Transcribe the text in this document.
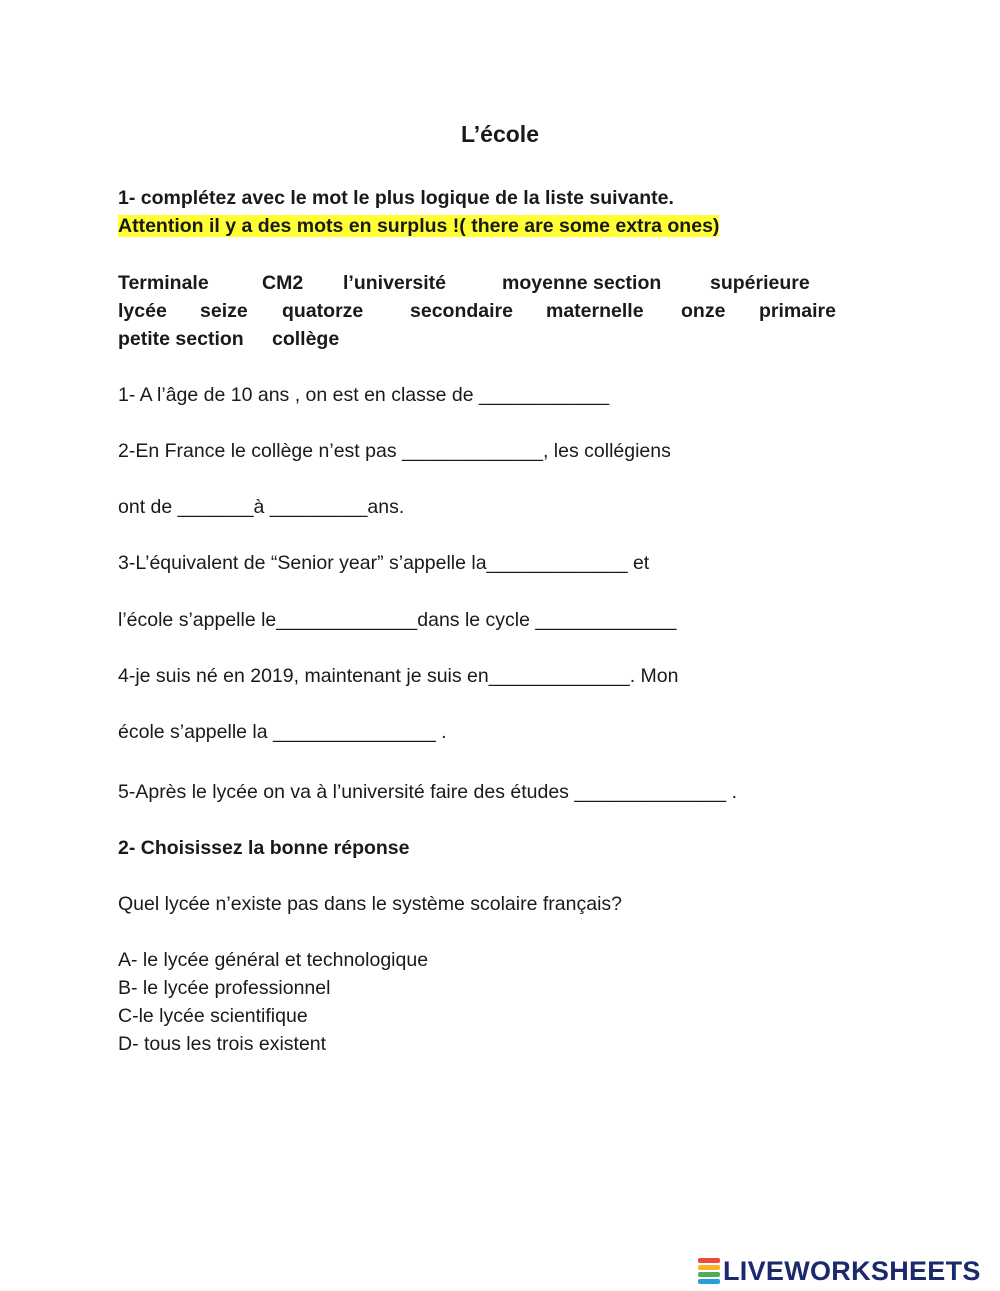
L’école
1- complétez avec le mot le plus logique de la liste suivante.
Attention il y a des mots en surplus !( there are some extra ones)
Terminale	CM2 l’université	moyenne section supérieure
lycée seize quatorze secondaire maternelle onze primaire
petite section collège
1- A l’âge de 10 ans , on est en classe de ____________
2-En France le collège n’est pas _____________, les collégiens
ont de _______à _________ans.
3-L’équivalent de “Senior year” s’appelle la_____________ et
l’école s’appelle le_____________dans le cycle _____________
4-je suis né en 2019, maintenant je suis en_____________. Mon
école s’appelle la _______________ .
5-Après le lycée on va à l’université faire des études ______________ .
2- Choisissez la bonne réponse
Quel lycée n’existe pas dans le système scolaire français?
A- le lycée général et technologique
B- le lycée professionnel
C-le lycée scientifique
D- tous les trois existent
LIVEWORKSHEETS
